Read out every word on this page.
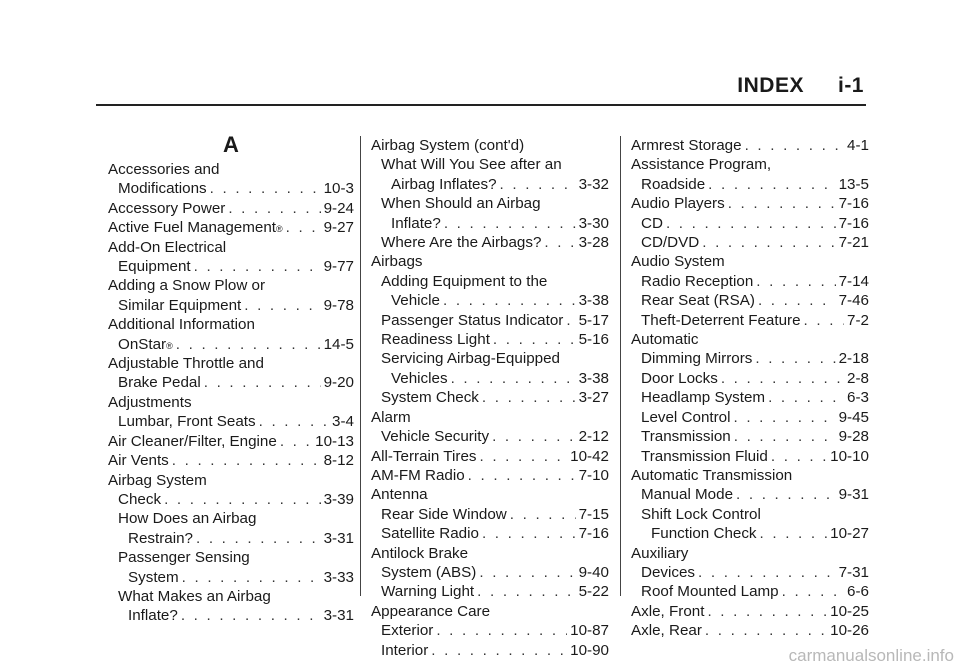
INDEX i-1
A
Accessories and
Modifications . . .	10-3
Accessory Power . . .	9-24
Active Fuel Management ® . . .	9-27
Add-On Electrical
Equipment . . .	9-77
Adding a Snow Plow or
Similar Equipment . . .	9-78
Additional Information
OnStar ® . . .	14-5
Adjustable Throttle and
Brake Pedal . . .	9-20
Adjustments
Lumbar, Front Seats . . .	3-4
Air Cleaner/Filter, Engine . . .	10-13
Air Vents . . .	8-12
Airbag System
Check . . .	3-39
How Does an Airbag
Restrain? . . .	3-31
Passenger Sensing
System . . .	3-33
What Makes an Airbag
Inflate? . . .	3-31
Airbag System (cont'd)
What Will You See after an
Airbag Inflates? . . .	3-32
When Should an Airbag
Inflate? . . .	3-30
Where Are the Airbags? . . . 3-28
Airbags
Adding Equipment to the
Vehicle . . .	3-38
Passenger Status Indicator . . . 5-17
Readiness Light . . .	5-16
Servicing Airbag-Equipped
Vehicles . . .	3-38
System Check . . .	3-27
Alarm
Vehicle Security . . .	2-12
All-Terrain Tires . . .	10-42
AM-FM Radio . . .	7-10
Antenna
Rear Side Window . . .	7-15
Satellite Radio . . .	7-16
Antilock Brake
System (ABS) . . .	9-40
Warning Light . . .	5-22
Appearance Care
Exterior . . .	10-87
Interior . . .	10-90
Armrest Storage . . .	4-1
Assistance Program,
Roadside . . .	13-5
Audio Players . . .	7-16
CD . . .	7-16
CD/DVD . . .	7-21
Audio System
Radio Reception . . .	7-14
Rear Seat (RSA) . . .	7-46
Theft-Deterrent Feature . . .	7-2
Automatic
Dimming Mirrors . . .	2-18
Door Locks . . .	2-8
Headlamp System . . .	6-3
Level Control . . .	9-45
Transmission . . .	9-28
Transmission Fluid . . .	10-10
Automatic Transmission
Manual Mode . . .	9-31
Shift Lock Control
Function Check . . .	10-27
Auxiliary
Devices . . .	7-31
Roof Mounted Lamp . . .	6-6
Axle, Front . . .	10-25
Axle, Rear . . .	10-26
carmanualsonline.info
